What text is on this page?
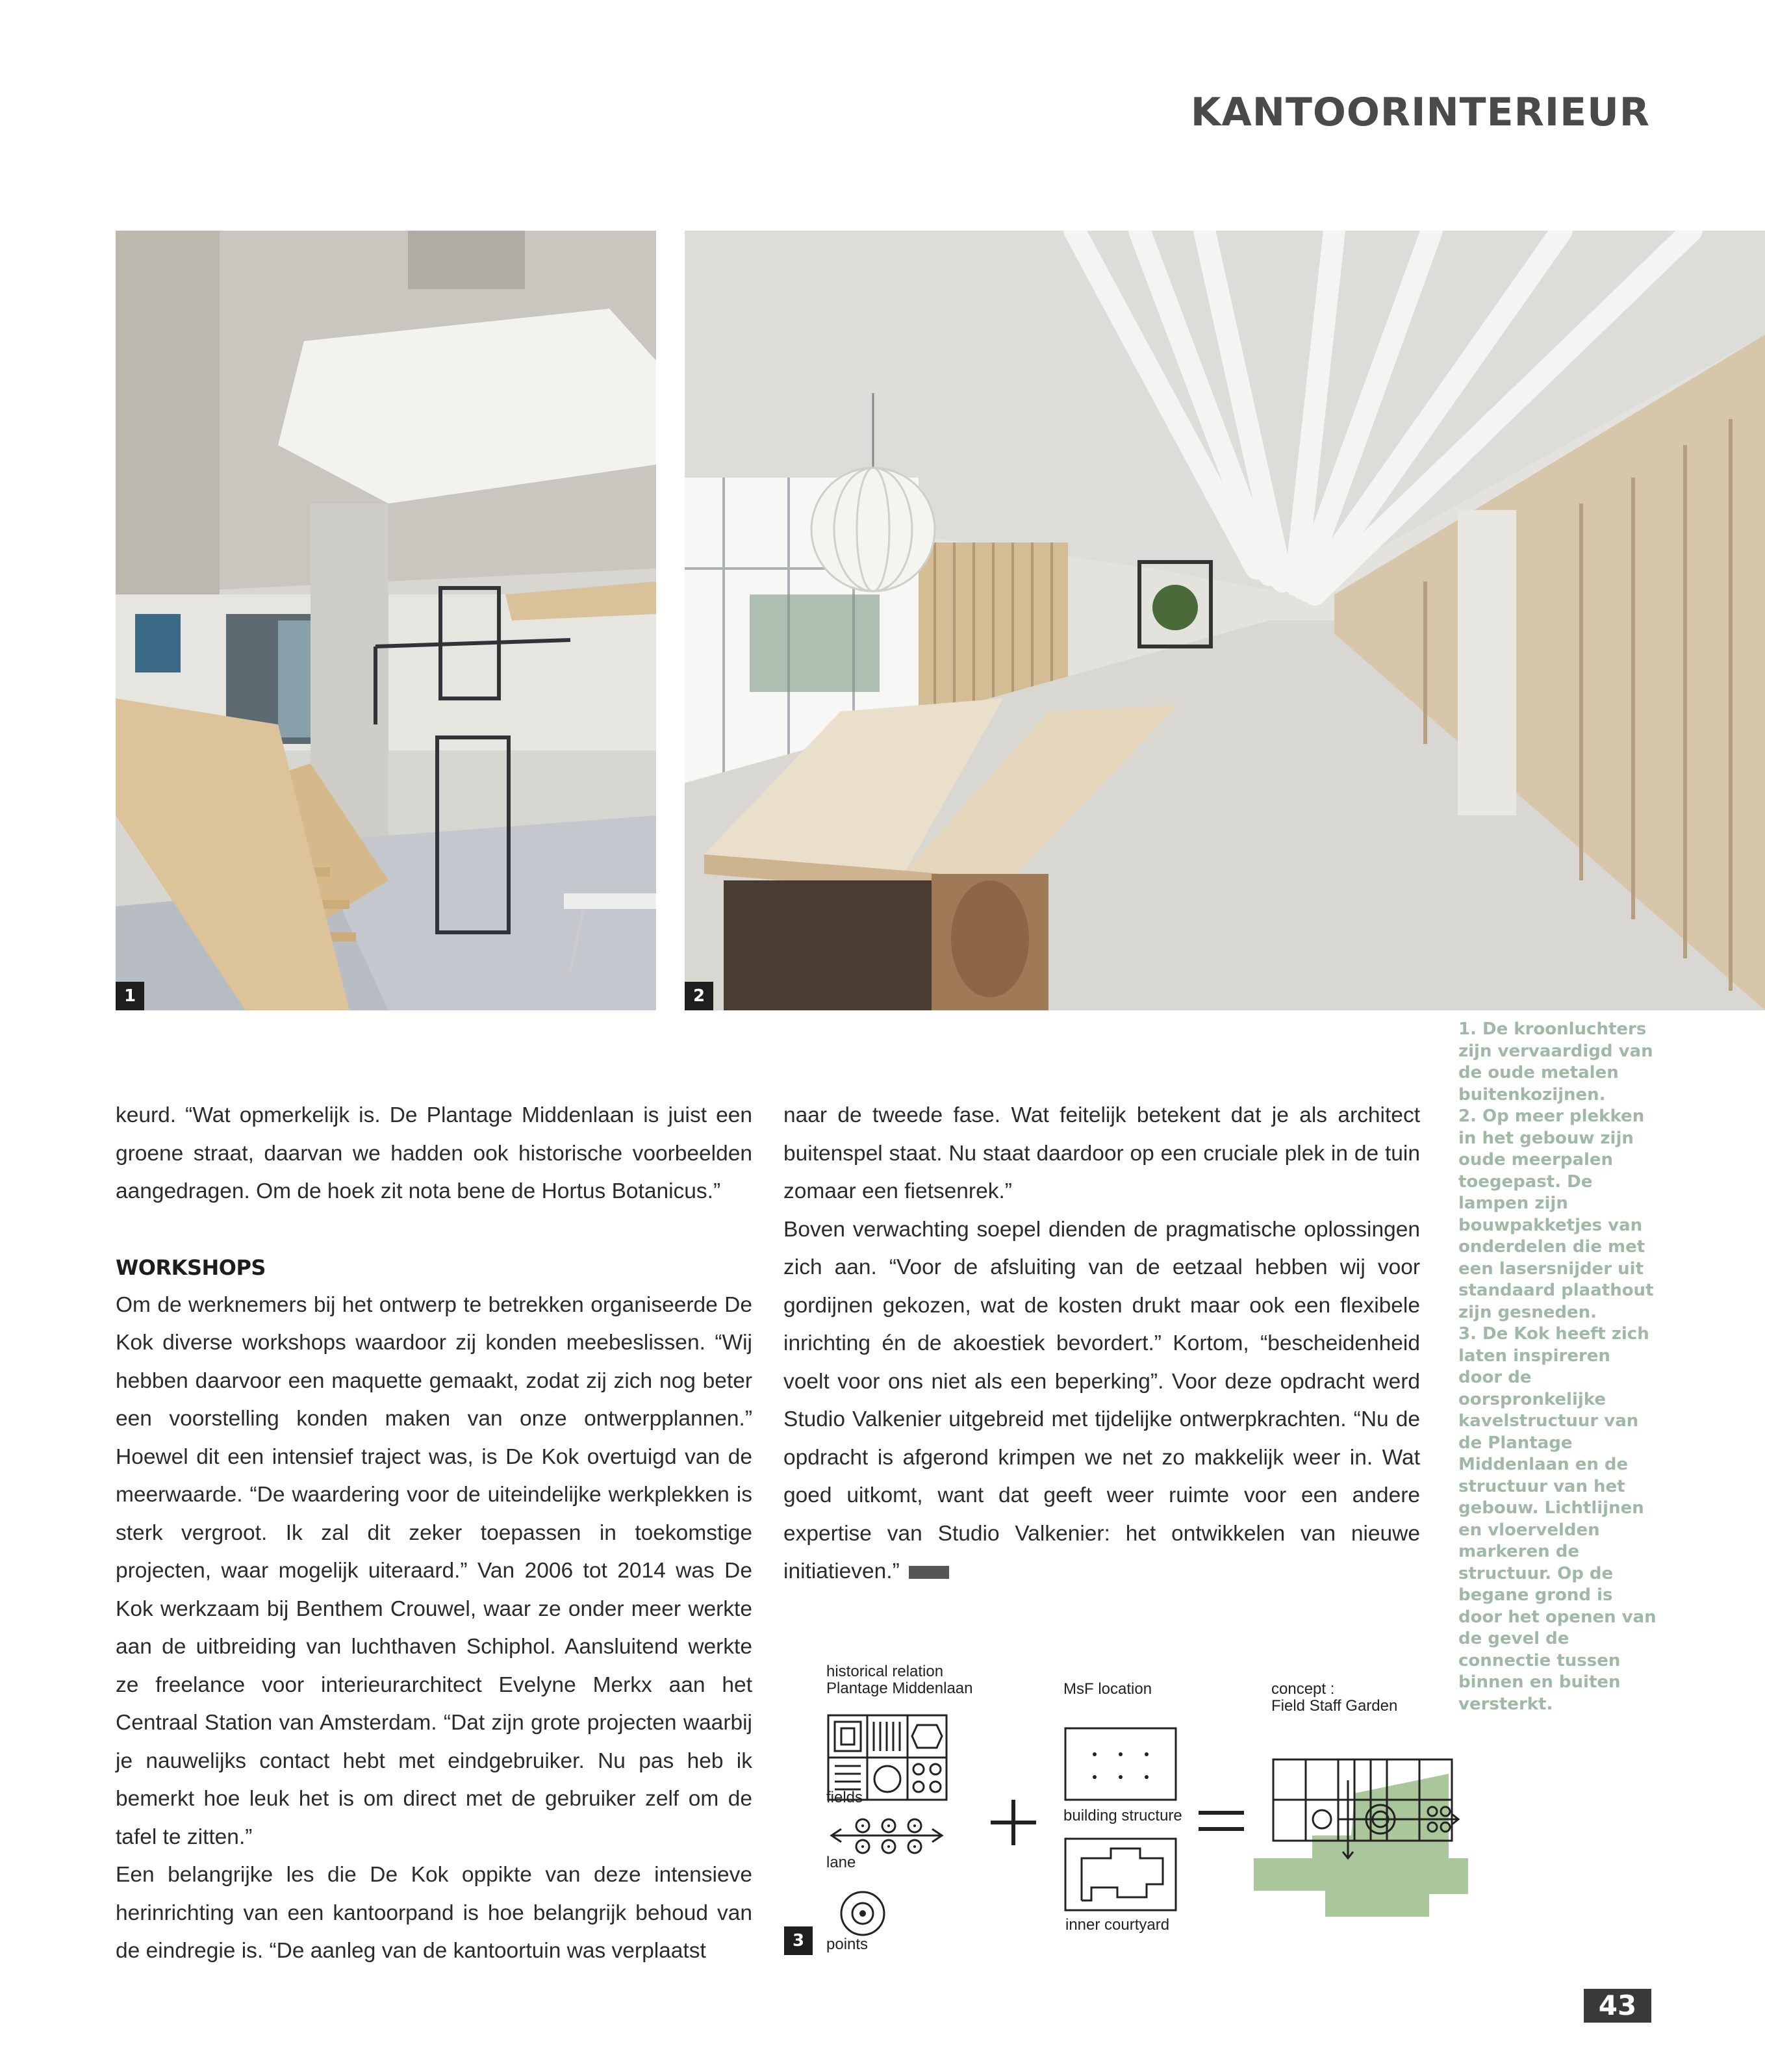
KANTOORINTERIEUR
1	2

1. De kroonluchters zijn vervaardigd van de oude metalen buitenkozijnen.

2. Op meer plekken in het gebouw zijn oude meerpalen toegepast. De lampen zijn bouwpakketjes van onderdelen die met een lasersnijder uit standaard plaathout zijn gesneden.

3. De Kok heeft zich laten inspireren door de oorspronkelijke kavelstructuur van de Plantage Middenlaan en de structuur van het gebouw. Lichtlijnen en vloervelden markeren de structuur. Op de begane grond is door het openen van de gevel de connectie tussen binnen en buiten versterkt.

keurd. “Wat opmerkelijk is. De Plantage Middenlaan is juist een groene straat, daarvan we hadden ook historische voorbeelden aangedragen. Om de hoek zit nota bene de Hortus Botanicus.”

WORKSHOPS

Om de werknemers bij het ontwerp te betrekken organiseerde De Kok diverse workshops waardoor zij konden meebeslissen. “Wij hebben daarvoor een maquette gemaakt, zodat zij zich nog beter een voorstelling konden maken van onze ontwerpplannen.” Hoewel dit een intensief traject was, is De Kok overtuigd van de meerwaarde. “De waardering voor de uiteindelijke werkplekken is sterk vergroot. Ik zal dit zeker toepassen in toekomstige projecten, waar mogelijk uiteraard.” Van 2006 tot 2014 was De Kok werkzaam bij Benthem Crouwel, waar ze onder meer werkte aan de uitbreiding van luchthaven Schiphol. Aansluitend werkte ze freelance voor interieurarchitect Evelyne Merkx aan het Centraal Station van Amsterdam. “Dat zijn grote projecten waarbij je nauwelijks contact hebt met eindgebruiker. Nu pas heb ik bemerkt hoe leuk het is om direct met de gebruiker zelf om de tafel te zitten.”

Een belangrijke les die De Kok oppikte van deze intensieve herinrichting van een kantoorpand is hoe belangrijk behoud van de eindregie is. “De aanleg van de kantoortuin was verplaatst

naar de tweede fase. Wat feitelijk betekent dat je als architect buitenspel staat. Nu staat daardoor op een cruciale plek in de tuin zomaar een fietsenrek.”

Boven verwachting soepel dienden de pragmatische oplossingen zich aan. “Voor de afsluiting van de eetzaal hebben wij voor gordijnen gekozen, wat de kosten drukt maar ook een flexibele inrichting én de akoestiek bevordert.” Kortom, “bescheidenheid voelt voor ons niet als een beperking”. Voor deze opdracht werd Studio Valkenier uitgebreid met tijdelijke ontwerpkrachten. “Nu de opdracht is afgerond krimpen we net zo makkelijk weer in. Wat goed uitkomt, want dat geeft weer ruimte voor een andere expertise van Studio Valkenier: het ontwikkelen van nieuwe initiatieven.”

historical relation
Plantage Middenlaan
fields
lane
points
MsF location
building structure
inner courtyard
concept :
Field Staff Garden
3
43
